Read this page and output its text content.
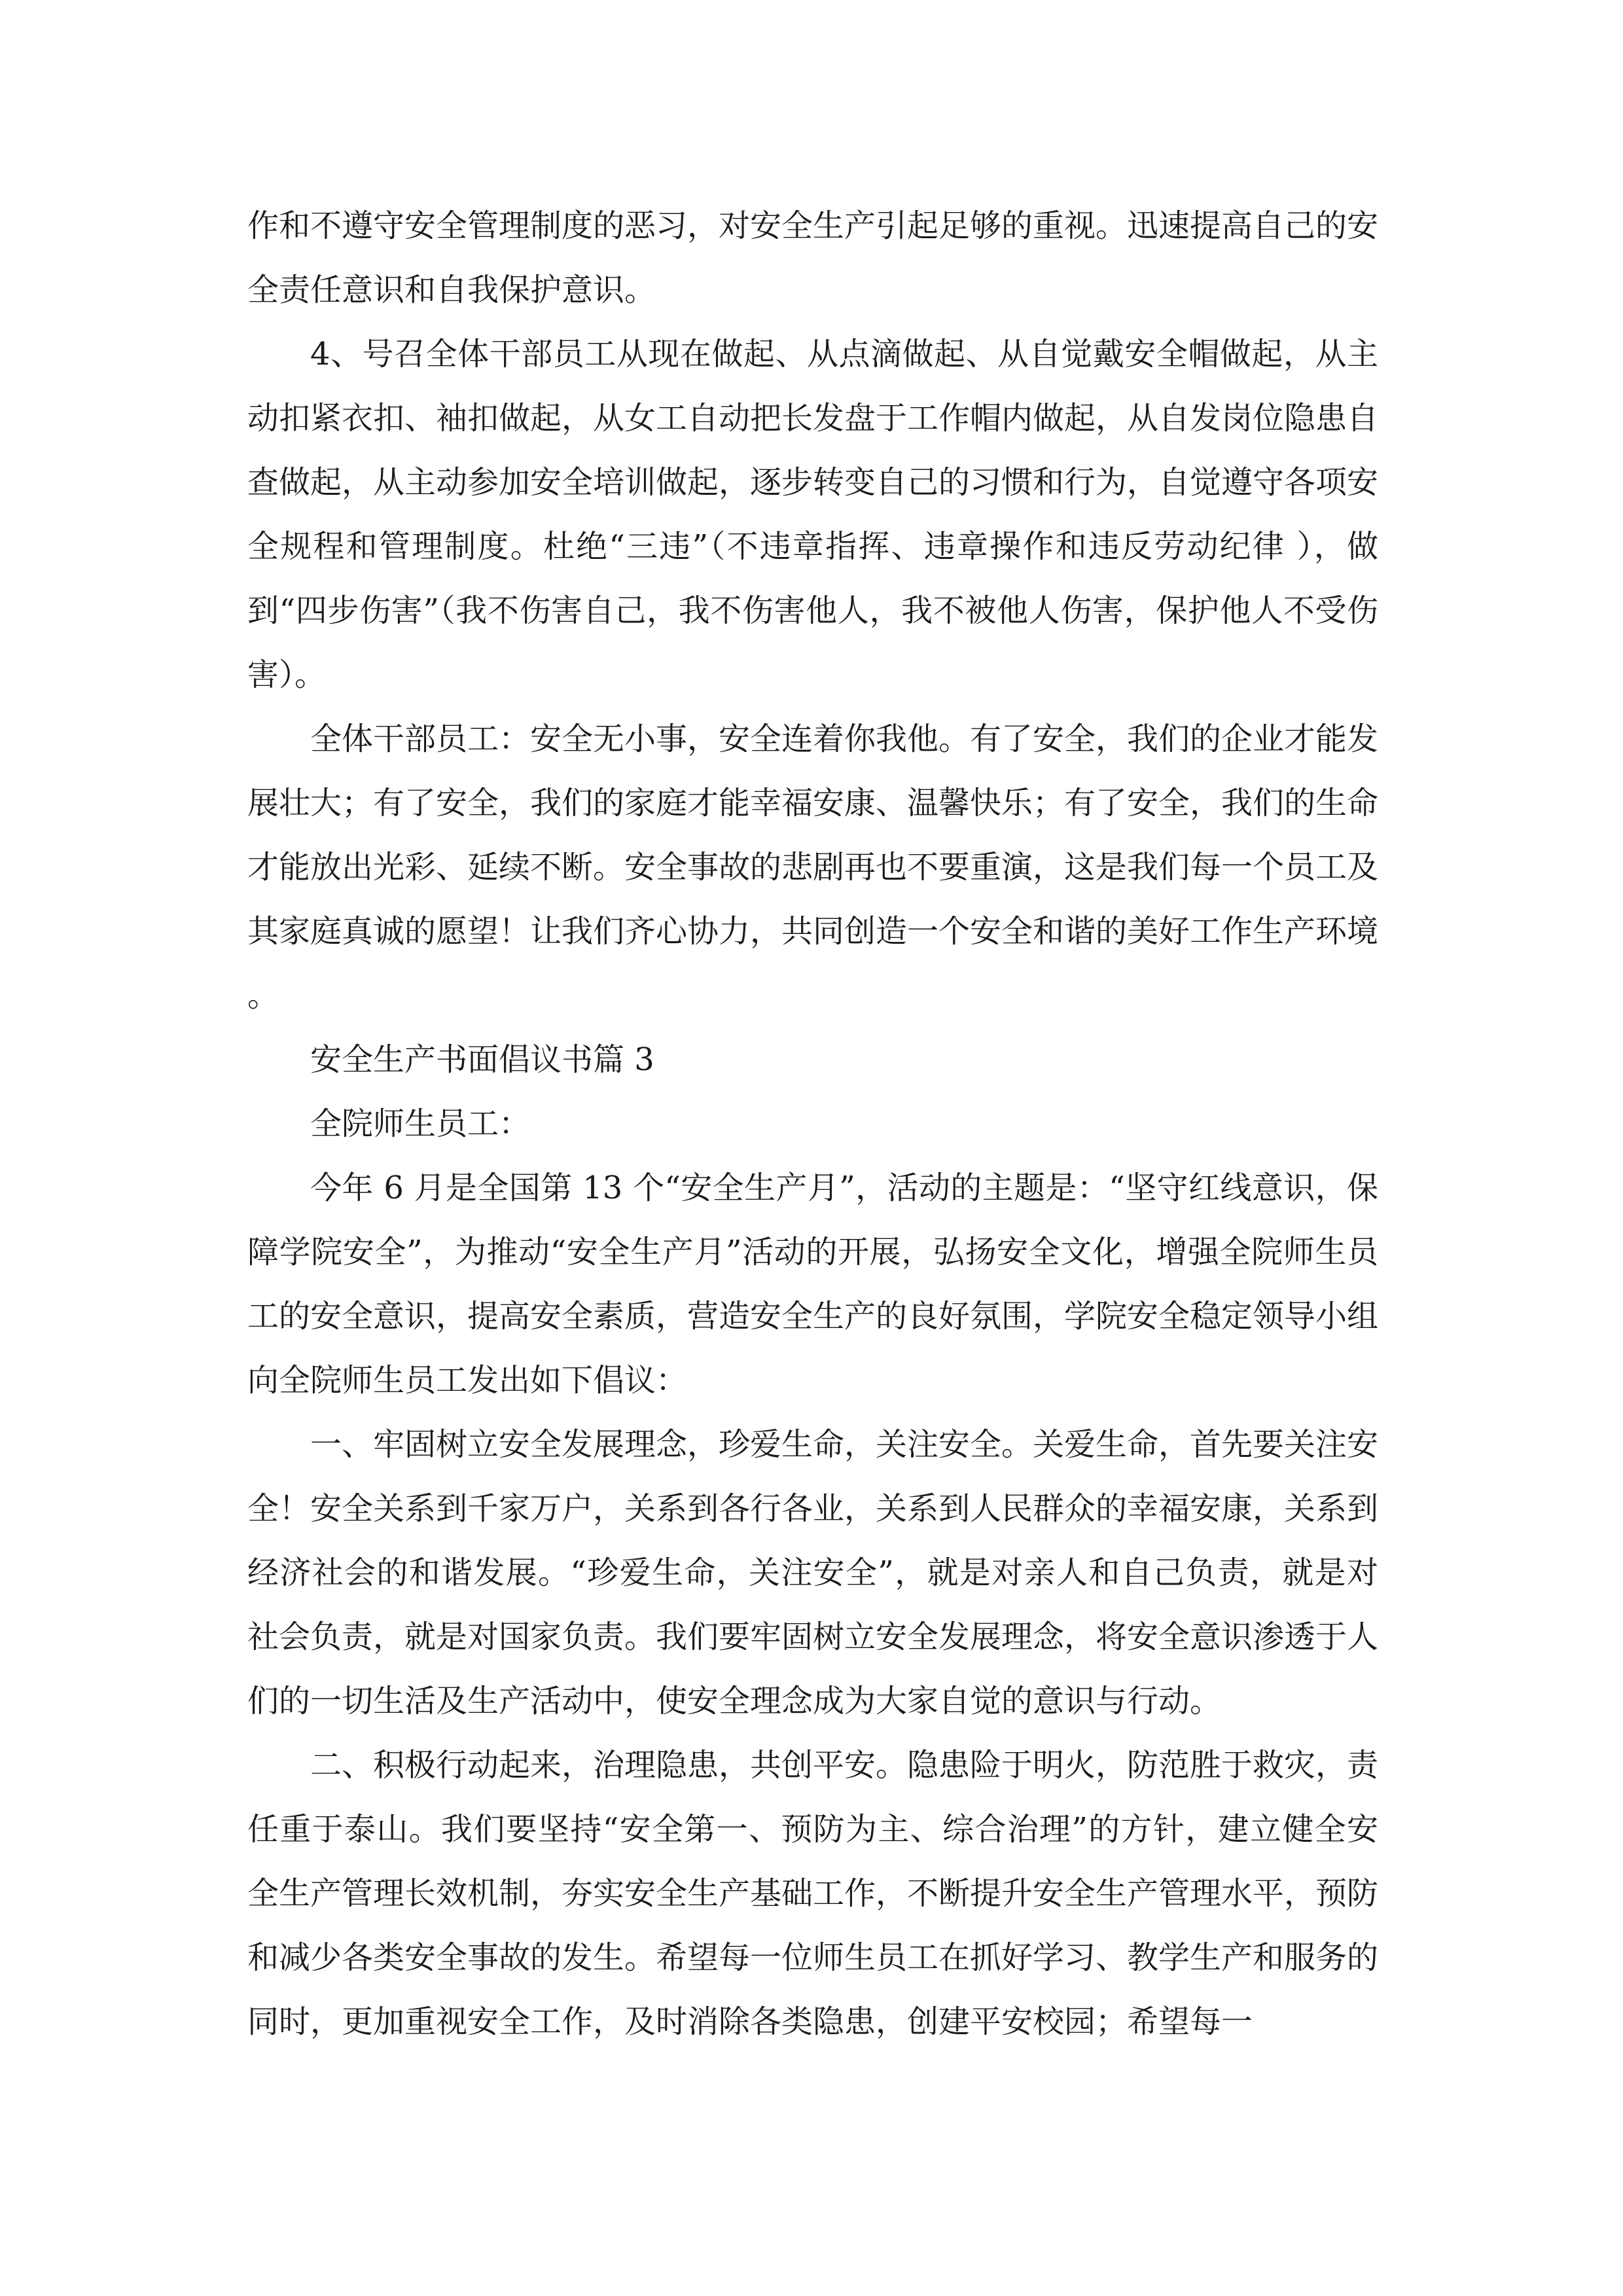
作和不遵守安全管理制度的恶习，对安全生产引起足够的重视。迅速提高自己的安全责任意识和自我保护意识。

4、号召全体干部员工从现在做起、从点滴做起、从自觉戴安全帽做起，从主动扣紧衣扣、袖扣做起，从女工自动把长发盘于工作帽内做起，从自发岗位隐患自查做起，从主动参加安全培训做起，逐步转变自己的习惯和行为，自觉遵守各项安全规程和管理制度。杜绝“三违”（不违章指挥、违章操作和违反劳动纪律 ），做到“四步伤害”（我不伤害自己，我不伤害他人，我不被他人伤害，保护他人不受伤害）。

全体干部员工：安全无小事，安全连着你我他。有了安全，我们的企业才能发展壮大；有了安全，我们的家庭才能幸福安康、温馨快乐；有了安全，我们的生命才能放出光彩、延续不断。安全事故的悲剧再也不要重演，这是我们每一个员工及其家庭真诚的愿望！让我们齐心协力，共同创造一个安全和谐的美好工作生产环境 。

安全生产书面倡议书篇 3

全院师生员工：

今年 6 月是全国第 13 个“安全生产月”，活动的主题是：“坚守红线意识，保障学院安全”，为推动“安全生产月”活动的开展，弘扬安全文化，增强全院师生员工的安全意识，提高安全素质，营造安全生产的良好氛围，学院安全稳定领导小组向全院师生员工发出如下倡议：

一、牢固树立安全发展理念，珍爱生命，关注安全。关爱生命，首先要关注安全！安全关系到千家万户，关系到各行各业，关系到人民群众的幸福安康，关系到经济社会的和谐发展。“珍爱生命，关注安全”，就是对亲人和自己负责，就是对社会负责，就是对国家负责。我们要牢固树立安全发展理念，将安全意识渗透于人们的一切生活及生产活动中，使安全理念成为大家自觉的意识与行动。

二、积极行动起来，治理隐患，共创平安。隐患险于明火，防范胜于救灾，责任重于泰山。我们要坚持“安全第一、预防为主、综合治理”的方针，建立健全安全生产管理长效机制，夯实安全生产基础工作，不断提升安全生产管理水平，预防和减少各类安全事故的发生。希望每一位师生员工在抓好学习、教学生产和服务的同时，更加重视安全工作，及时消除各类隐患，创建平安校园；希望每一
